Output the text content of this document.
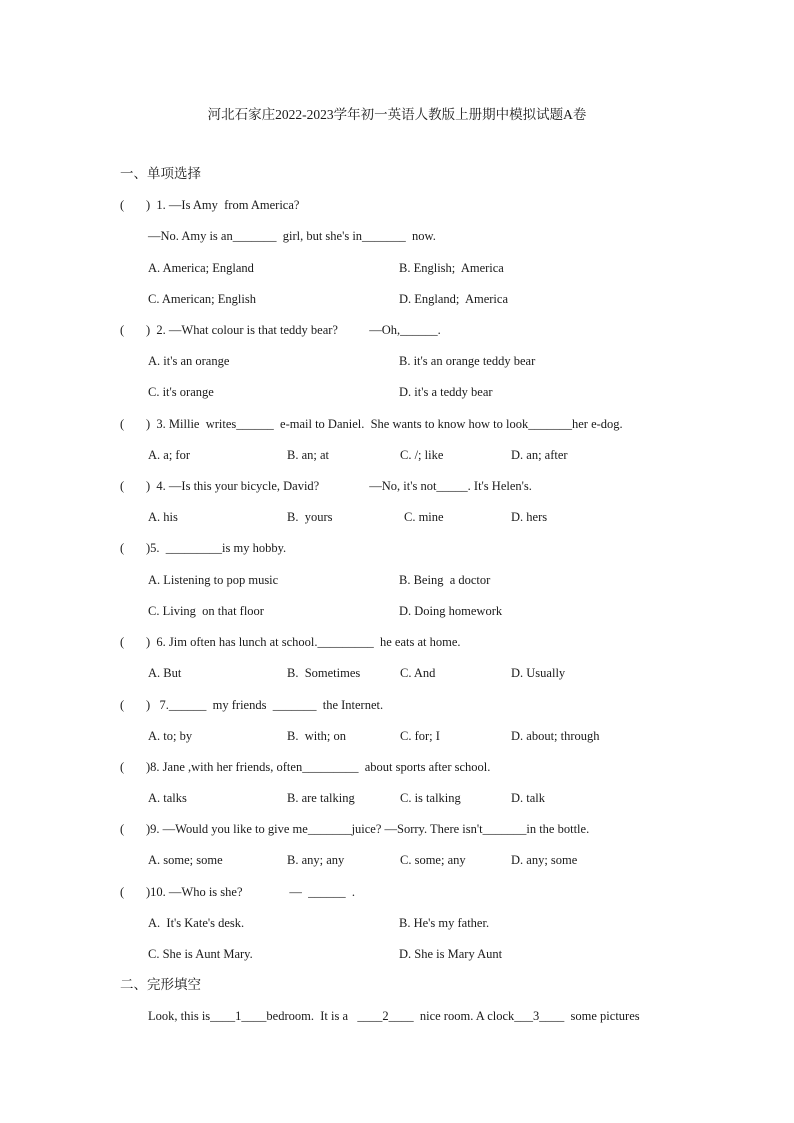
河北石家庄2022-2023学年初一英语人教版上册期中模拟试题A卷
一、单项选择
( )  1. —Is Amy  from America?
—No. Amy is an_______  girl, but she's in_______  now.
A. America; England	B. English;  America
C. American; English	D. England;  America
( )  2. —What colour is that teddy bear?          —Oh,______.
A. it's an orange	B. it's an orange teddy bear
C. it's orange	D. it's a teddy bear
( )  3. Millie  writes______  e-mail to Daniel.  She wants to know how to look_______her e-dog.
A. a; for	B. an; at	C. /; like	D. an; after
( )  4. —Is this your bicycle, David?                —No, it's not_____. It's Helen's.
A. his	B.  yours	C. mine	D. hers
( )5.  _________is my hobby.
A. Listening to pop music	B. Being  a doctor
C. Living  on that floor	D. Doing homework
( )  6. Jim often has lunch at school._________  he eats at home.
A. But	B.  Sometimes	C. And	D. Usually
( )   7.______  my friends  _______  the Internet.
A. to; by	B.  with; on	C. for; I	D. about; through
( )8. Jane ,with her friends, often_________  about sports after school.
A. talks	B. are talking	C. is talking	D. talk
( )9. —Would you like to give me_______juice? —Sorry. There isn't_______in the bottle.
A. some; some	B. any; any	C. some; any	D. any; some
( )10. —Who is she?               —  ______  .
A.  It's Kate's desk.	B. He's my father.
C. She is Aunt Mary.	D. She is Mary Aunt
二、完形填空
Look, this is____1____bedroom.  It is a   ____2____  nice room. A clock___3____  some pictures
